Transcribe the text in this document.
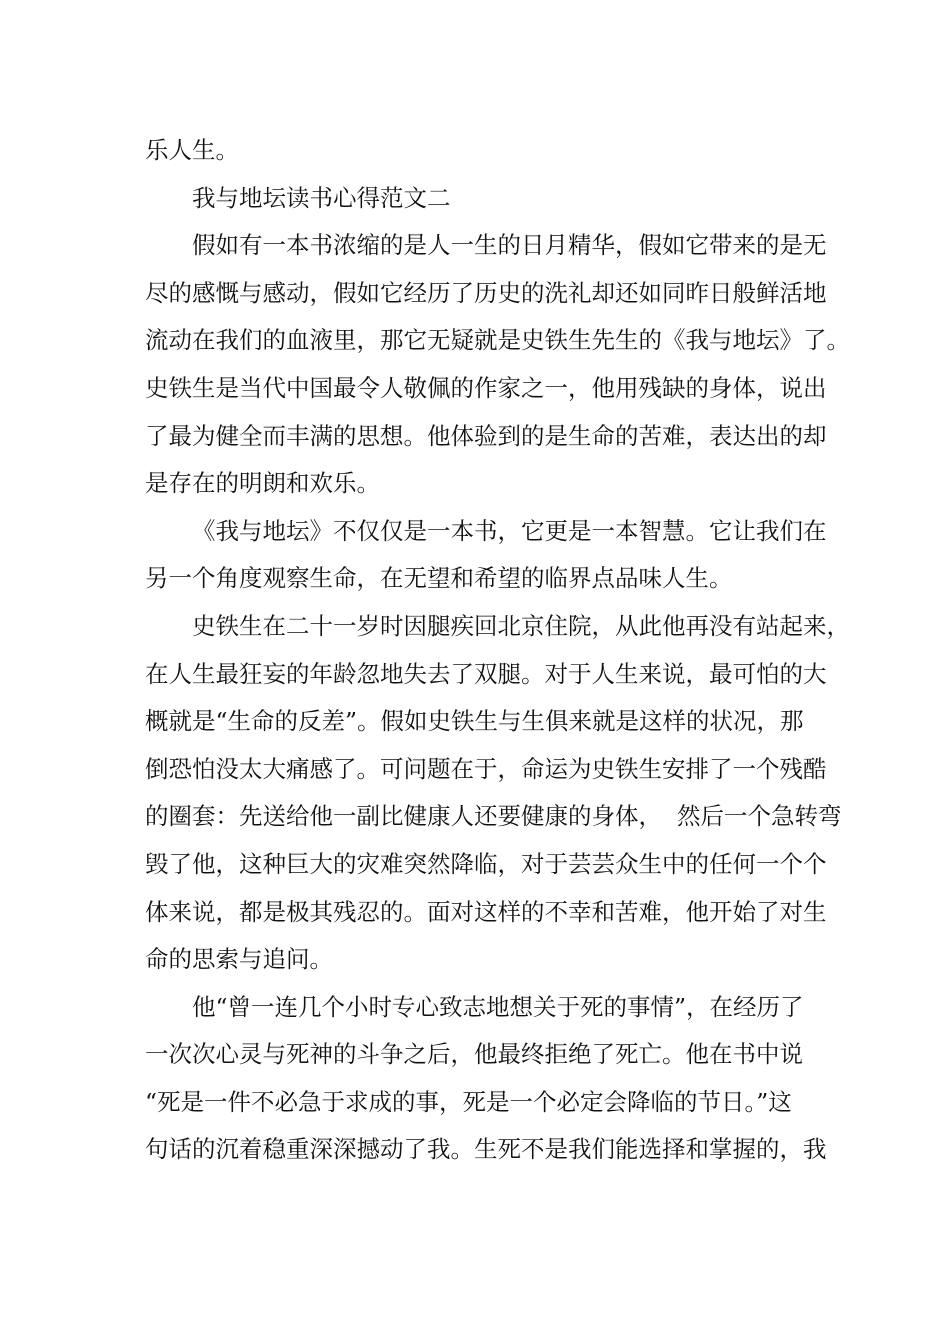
乐人生。
我与地坛读书心得范文二
假如有一本书浓缩的是人一生的日月精华，假如它带来的是无
尽的感慨与感动，假如它经历了历史的洗礼却还如同昨日般鲜活地
流动在我们的血液里，那它无疑就是史铁生先生的《我与地坛》了。
史铁生是当代中国最令人敬佩的作家之一，他用残缺的身体，说出
了最为健全而丰满的思想。他体验到的是生命的苦难，表达出的却
是存在的明朗和欢乐。
《我与地坛》不仅仅是一本书，它更是一本智慧。它让我们在
另一个角度观察生命，在无望和希望的临界点品味人生。
史铁生在二十一岁时因腿疾回北京住院，从此他再没有站起来，
在人生最狂妄的年龄忽地失去了双腿。对于人生来说，最可怕的大
概就是“生命的反差”。假如史铁生与生俱来就是这样的状况，那
倒恐怕没太大痛感了。可问题在于，命运为史铁生安排了一个残酷
的圈套：先送给他一副比健康人还要健康的身体，  然后一个急转弯
毁了他，这种巨大的灾难突然降临，对于芸芸众生中的任何一个个
体来说，都是极其残忍的。面对这样的不幸和苦难，他开始了对生
命的思索与追问。
他“曾一连几个小时专心致志地想关于死的事情”，在经历了
一次次心灵与死神的斗争之后，他最终拒绝了死亡。他在书中说
“死是一件不必急于求成的事，死是一个必定会降临的节日。”这
句话的沉着稳重深深撼动了我。生死不是我们能选择和掌握的，我
